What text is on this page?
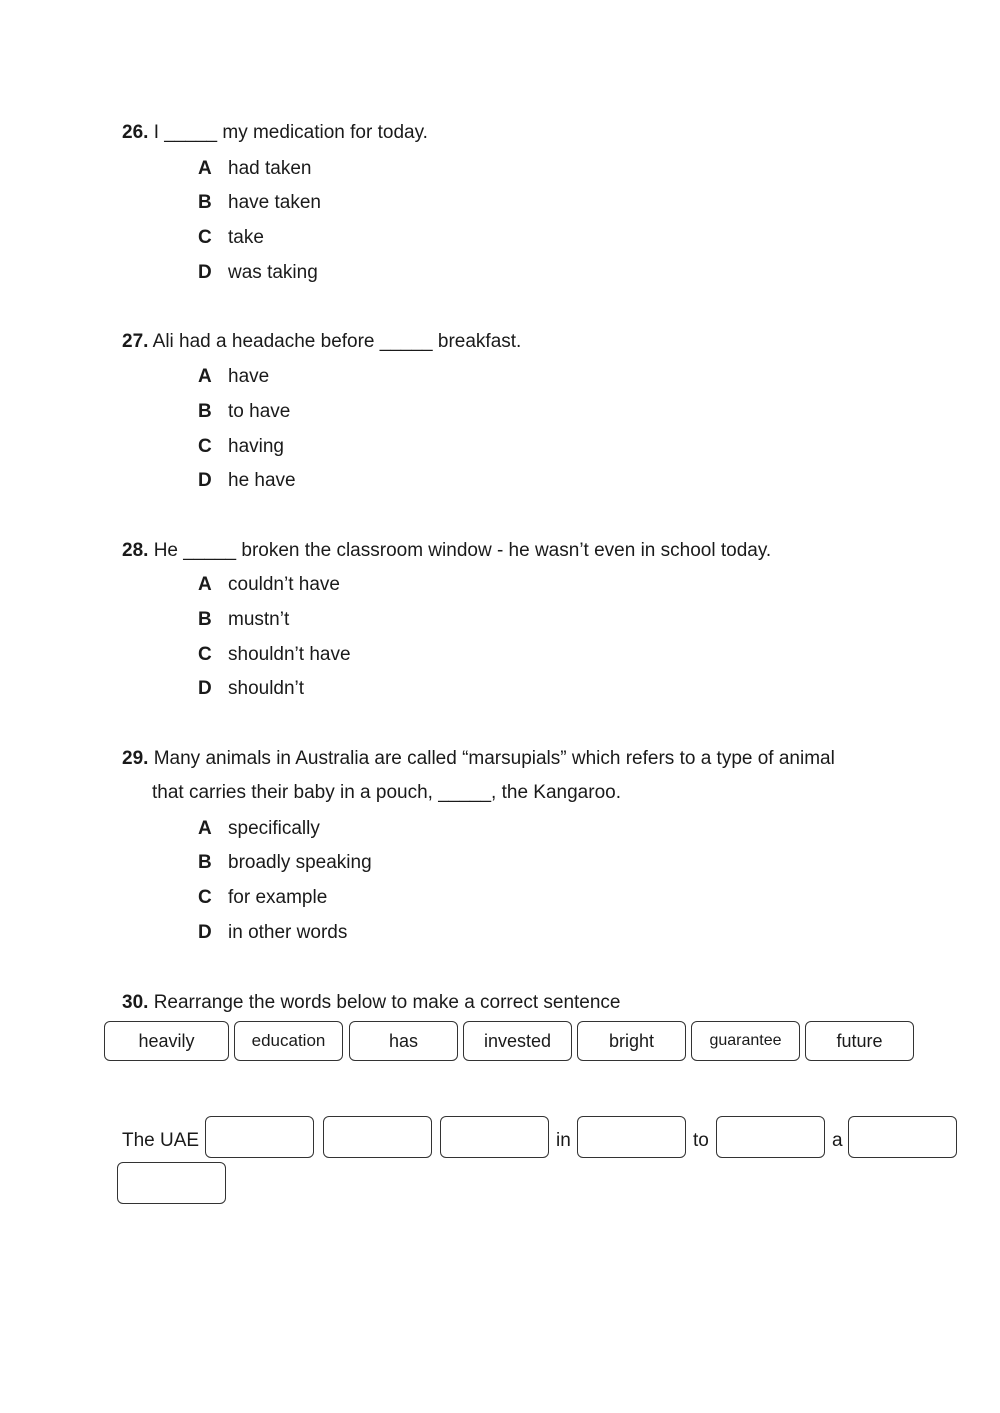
26. I _____ my medication for today.
A had taken
B have taken
C take
D was taking
27. Ali had a headache before _____ breakfast.
A have
B to have
C having
D he have
28. He _____ broken the classroom window - he wasn’t even in school today.
A couldn’t have
B mustn’t
C shouldn’t have
D shouldn’t
29. Many animals in Australia are called “marsupials” which refers to a type of animal
that carries their baby in a pouch, _____, the Kangaroo.
A specifically
B broadly speaking
C for example
D in other words
30. Rearrange the words below to make a correct sentence
heavily	education	has	invested	bright	guarantee	future
The UAE	in	to	a
